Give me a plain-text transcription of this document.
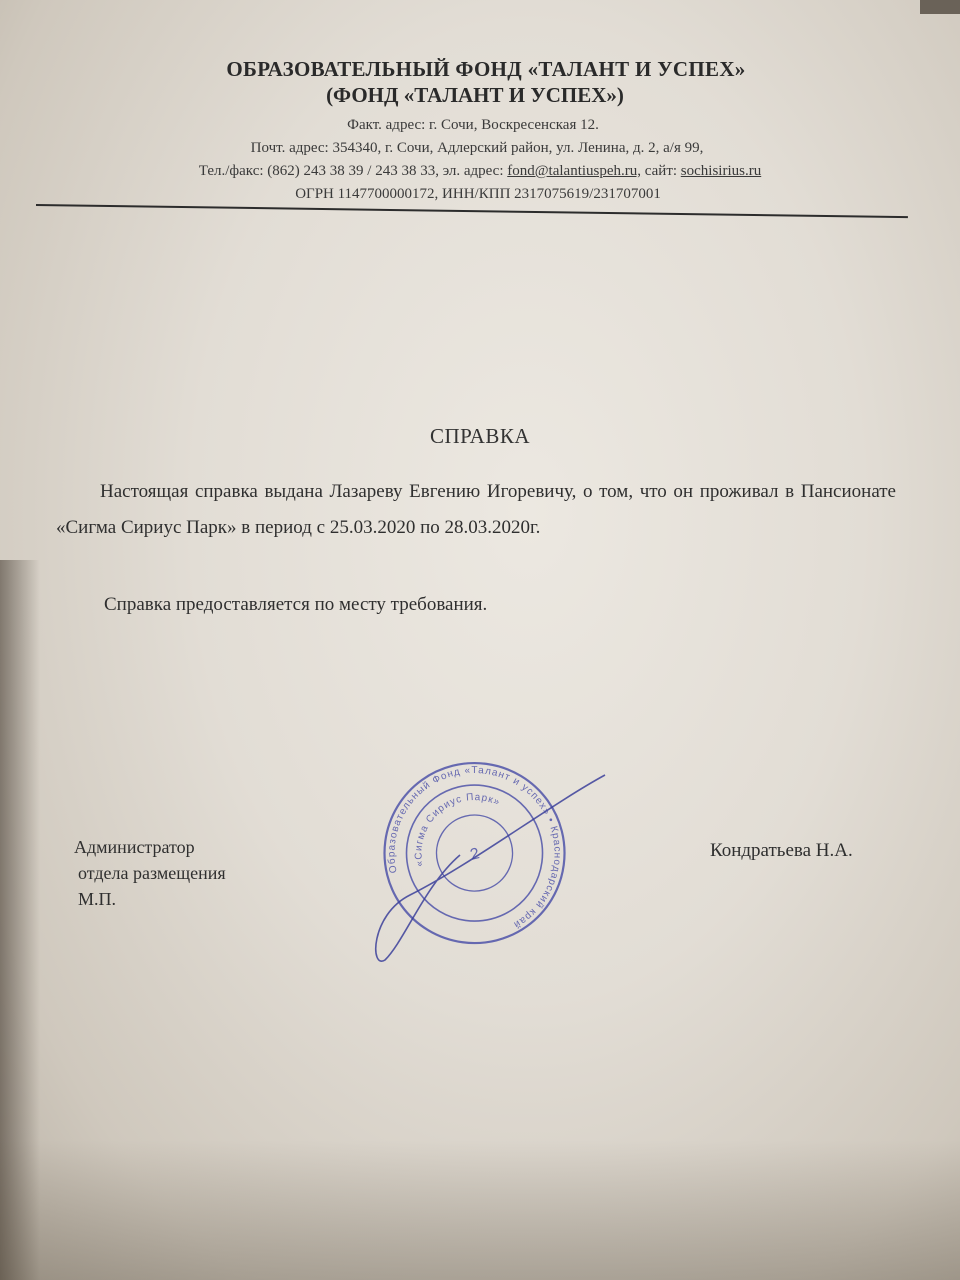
ОБРАЗОВАТЕЛЬНЫЙ ФОНД «ТАЛАНТ И УСПЕХ»
(ФОНД «ТАЛАНТ И УСПЕХ»)
Факт. адрес: г. Сочи, Воскресенская 12.
Почт. адрес: 354340, г. Сочи, Адлерский район, ул. Ленина, д. 2, а/я 99,
Тел./факс: (862) 243 38 39 / 243 38 33, эл. адрес: fond@talantiuspeh.ru, сайт: sochisirius.ru
ОГРН 1147700000172, ИНН/КПП 2317075619/231707001
СПРАВКА
Настоящая справка выдана Лазареву Евгению Игоревичу, о том, что он проживал в Пансионате «Сигма Сириус Парк» в период с 25.03.2020 по 28.03.2020г.
Справка предоставляется по месту требования.
Администратор
отдела размещения
М.П.
Кондратьева Н.А.
Образовательный Фонд «Талант и успех» • Краснодарский край
«Сигма Сириус Парк»
2
